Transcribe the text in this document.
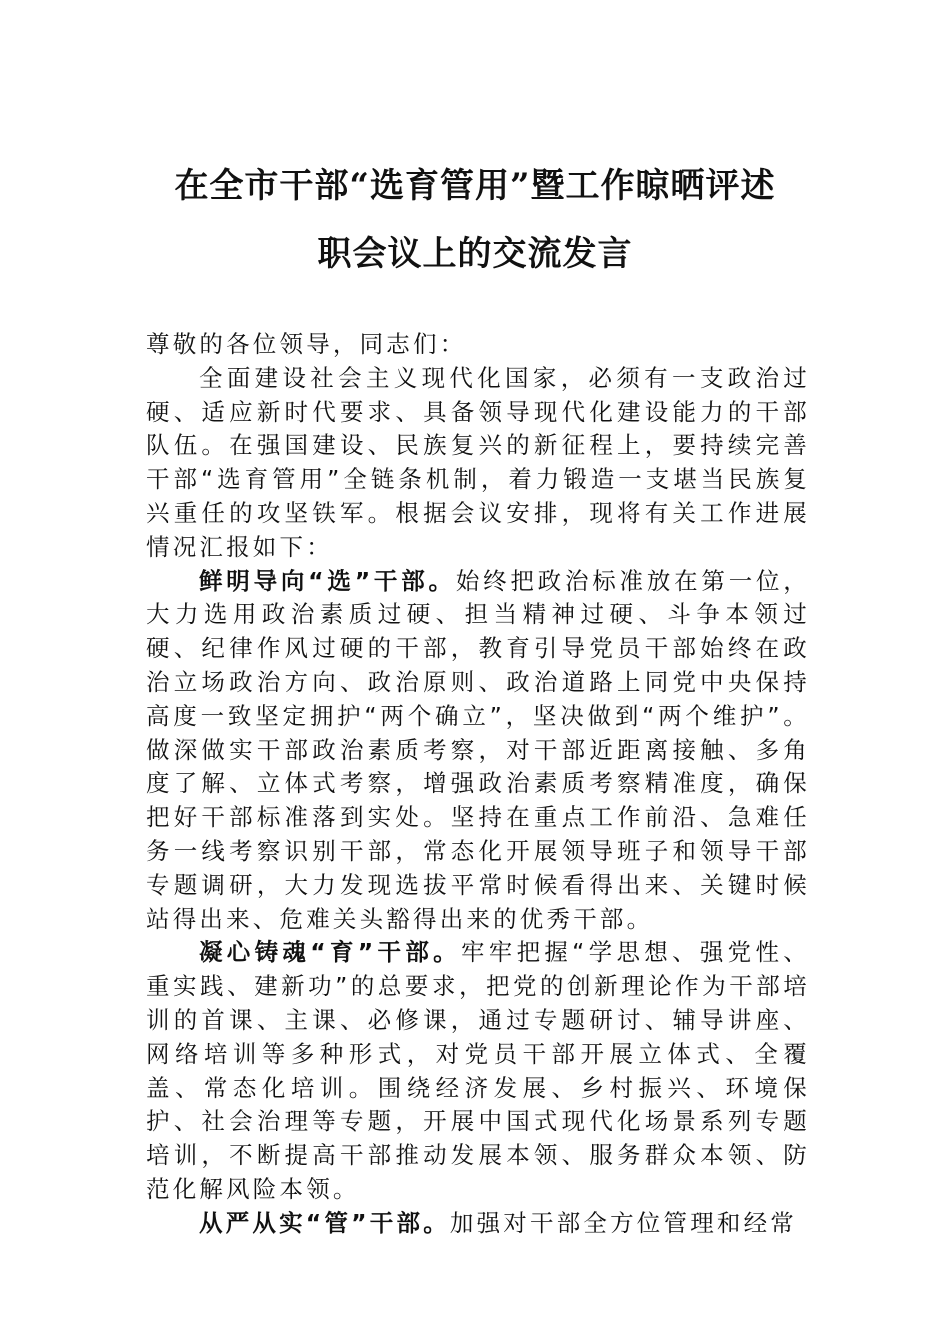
在全市干部“选育管用”暨工作晾晒评述
职会议上的交流发言

尊敬的各位领导，同志们：

全面建设社会主义现代化国家，必须有一支政治过硬、适应新时代要求、具备领导现代化建设能力的干部队伍。在强国建设、民族复兴的新征程上，要持续完善干部“选育管用”全链条机制，着力锻造一支堪当民族复兴重任的攻坚铁军。根据会议安排，现将有关工作进展情况汇报如下：

鲜明导向“选”干部。始终把政治标准放在第一位，大力选用政治素质过硬、担当精神过硬、斗争本领过硬、纪律作风过硬的干部，教育引导党员干部始终在政治立场政治方向、政治原则、政治道路上同党中央保持高度一致坚定拥护“两个确立”，坚决做到“两个维护”。做深做实干部政治素质考察，对干部近距离接触、多角度了解、立体式考察，增强政治素质考察精准度，确保把好干部标准落到实处。坚持在重点工作前沿、急难任务一线考察识别干部，常态化开展领导班子和领导干部专题调研，大力发现选拔平常时候看得出来、关键时候站得出来、危难关头豁得出来的优秀干部。

凝心铸魂“育”干部。牢牢把握“学思想、强党性、重实践、建新功”的总要求，把党的创新理论作为干部培训的首课、主课、必修课，通过专题研讨、辅导讲座、网络培训等多种形式，对党员干部开展立体式、全覆盖、常态化培训。围绕经济发展、乡村振兴、环境保护、社会治理等专题，开展中国式现代化场景系列专题培训，不断提高干部推动发展本领、服务群众本领、防范化解风险本领。

从严从实“管”干部。加强对干部全方位管理和经常
